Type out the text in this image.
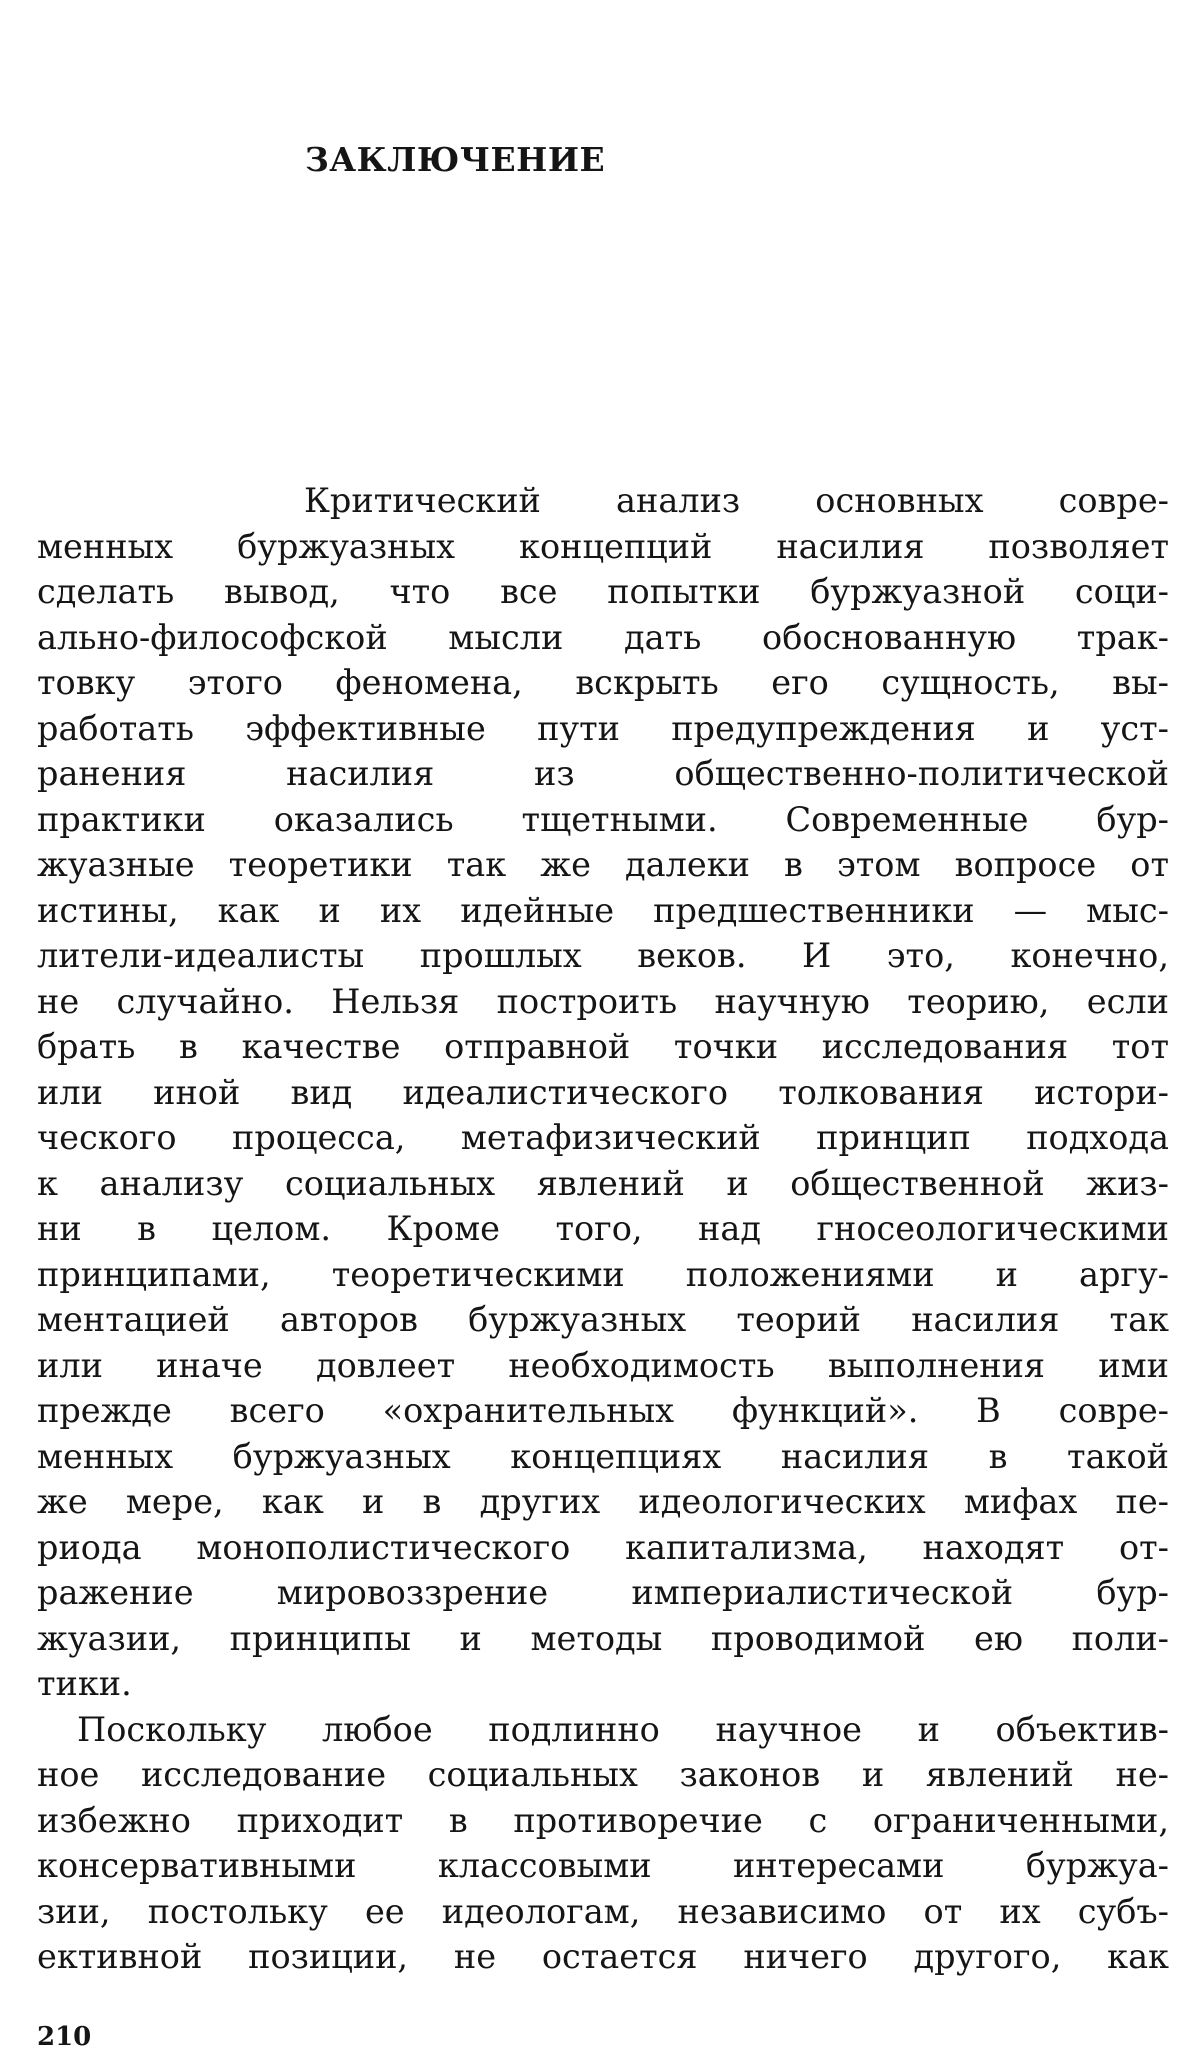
ЗАКЛЮЧЕНИЕ
Критический анализ основных совре-
менных буржуазных концепций насилия позволяет
сделать вывод, что все попытки буржуазной соци-
ально-философской мысли дать обоснованную трак-
товку этого феномена, вскрыть его сущность, вы-
работать эффективные пути предупреждения и уст-
ранения насилия из общественно-политической
практики оказались тщетными. Современные бур-
жуазные теоретики так же далеки в этом вопросе от
истины, как и их идейные предшественники — мыс-
лители-идеалисты прошлых веков. И это, конечно,
не случайно. Нельзя построить научную теорию, если
брать в качестве отправной точки исследования тот
или иной вид идеалистического толкования истори-
ческого процесса, метафизический принцип подхода
к анализу социальных явлений и общественной жиз-
ни в целом. Кроме того, над гносеологическими
принципами, теоретическими положениями и аргу-
ментацией авторов буржуазных теорий насилия так
или иначе довлеет необходимость выполнения ими
прежде всего «охранительных функций». В совре-
менных буржуазных концепциях насилия в такой
же мере, как и в других идеологических мифах пе-
риода монополистического капитализма, находят от-
ражение мировоззрение империалистической бур-
жуазии, принципы и методы проводимой ею поли-
тики.
Поскольку любое подлинно научное и объектив-
ное исследование социальных законов и явлений не-
избежно приходит в противоречие с ограниченными,
консервативными классовыми интересами буржуа-
зии, постольку ее идеологам, независимо от их субъ-
ективной позиции, не остается ничего другого, как

210
